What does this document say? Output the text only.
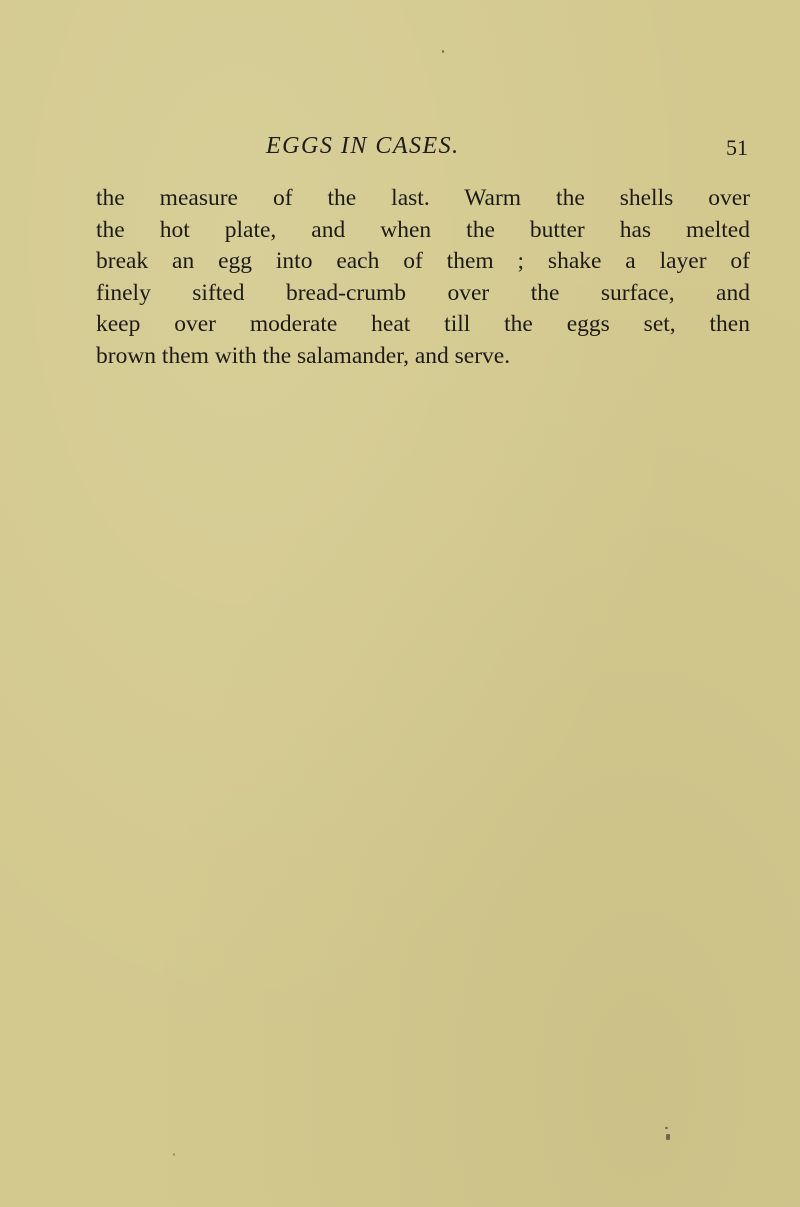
EGGS IN CASES.	51
the measure of the last. Warm the shells over
the hot plate, and when the butter has melted
break an egg into each of them ; shake a layer of
finely sifted bread-crumb over the surface, and
keep over moderate heat till the eggs set, then
brown them with the salamander, and serve.
